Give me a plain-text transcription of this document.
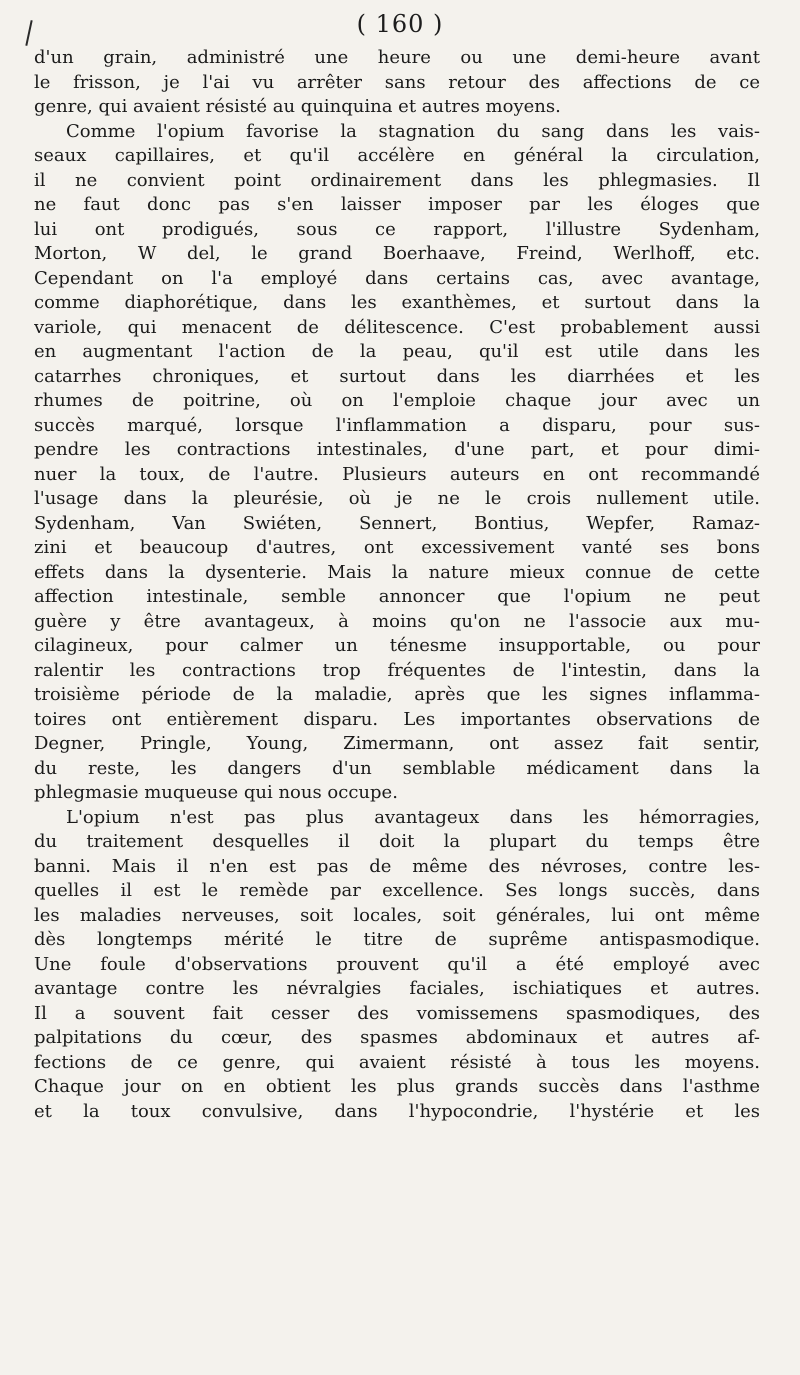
( 160 )
d'un grain, administré une heure ou une demi-heure avant
le frisson, je l'ai vu arrêter sans retour des affections de ce
genre, qui avaient résisté au quinquina et autres moyens.
Comme l'opium favorise la stagnation du sang dans les vais-
seaux capillaires, et qu'il accélère en général la circulation,
il ne convient point ordinairement dans les phlegmasies. Il
ne faut donc pas s'en laisser imposer par les éloges que
lui ont prodigués, sous ce rapport, l'illustre Sydenham,
Morton, W del, le grand Boerhaave, Freind, Werlhoff, etc.
Cependant on l'a employé dans certains cas, avec avantage,
comme diaphorétique, dans les exanthèmes, et surtout dans la
variole, qui menacent de délitescence. C'est probablement aussi
en augmentant l'action de la peau, qu'il est utile dans les
catarrhes chroniques, et surtout dans les diarrhées et les
rhumes de poitrine, où on l'emploie chaque jour avec un
succès marqué, lorsque l'inflammation a disparu, pour sus-
pendre les contractions intestinales, d'une part, et pour dimi-
nuer la toux, de l'autre. Plusieurs auteurs en ont recommandé
l'usage dans la pleurésie, où je ne le crois nullement utile.
Sydenham, Van Swiéten, Sennert, Bontius, Wepfer, Ramaz-
zini et beaucoup d'autres, ont excessivement vanté ses bons
effets dans la dysenterie. Mais la nature mieux connue de cette
affection intestinale, semble annoncer que l'opium ne peut
guère y être avantageux, à moins qu'on ne l'associe aux mu-
cilagineux, pour calmer un ténesme insupportable, ou pour
ralentir les contractions trop fréquentes de l'intestin, dans la
troisième période de la maladie, après que les signes inflamma-
toires ont entièrement disparu. Les importantes observations de
Degner, Pringle, Young, Zimermann, ont assez fait sentir,
du reste, les dangers d'un semblable médicament dans la
phlegmasie muqueuse qui nous occupe.
L'opium n'est pas plus avantageux dans les hémorragies,
du traitement desquelles il doit la plupart du temps être
banni. Mais il n'en est pas de même des névroses, contre les-
quelles il est le remède par excellence. Ses longs succès, dans
les maladies nerveuses, soit locales, soit générales, lui ont même
dès longtemps mérité le titre de suprême antispasmodique.
Une foule d'observations prouvent qu'il a été employé avec
avantage contre les névralgies faciales, ischiatiques et autres.
Il a souvent fait cesser des vomissemens spasmodiques, des
palpitations du cœur, des spasmes abdominaux et autres af-
fections de ce genre, qui avaient résisté à tous les moyens.
Chaque jour on en obtient les plus grands succès dans l'asthme
et la toux convulsive, dans l'hypocondrie, l'hystérie et les
